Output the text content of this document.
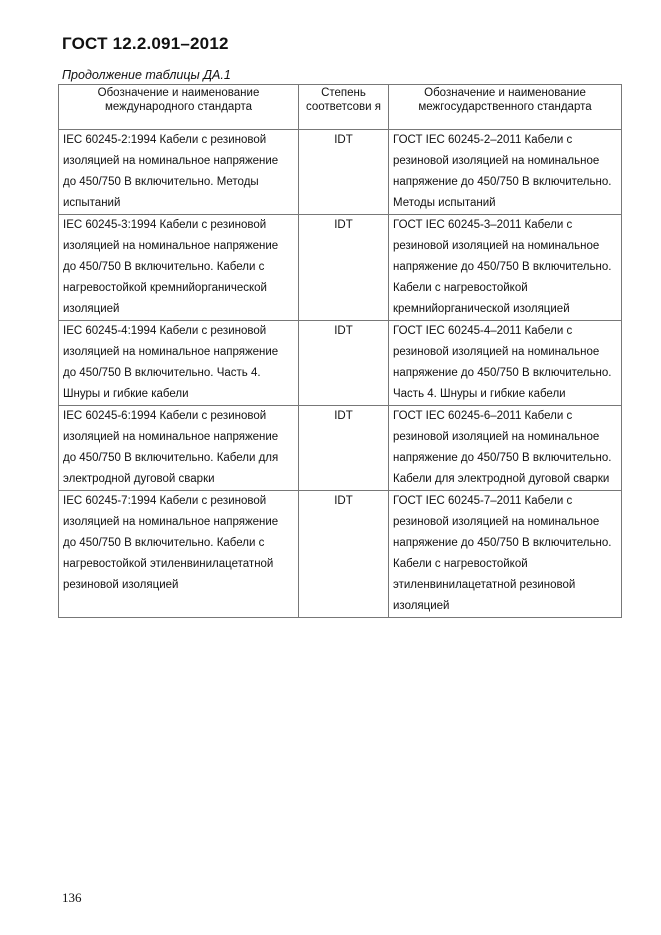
ГОСТ 12.2.091–2012
Продолжение таблицы ДА.1
Обозначение и наименование международного стандарта	Степень соответсови я	Обозначение и наименование межгосударственного стандарта
IEC 60245-2:1994 Кабели с резиновой изоляцией на номинальное напряжение до 450/750 В включительно. Методы испытаний	IDT	ГОСТ IEC 60245-2–2011 Кабели с резиновой изоляцией на номинальное напряжение до 450/750 В включительно. Методы испытаний
IEC 60245-3:1994 Кабели с резиновой изоляцией на номинальное напряжение до 450/750 В включительно. Кабели с нагревостойкой кремнийорганической изоляцией	IDT	ГОСТ IEC 60245-3–2011 Кабели с резиновой изоляцией на номинальное напряжение до 450/750 В включительно. Кабели с нагревостойкой кремнийорганической изоляцией
IEC 60245-4:1994 Кабели с резиновой изоляцией на номинальное напряжение до 450/750 В включительно. Часть 4. Шнуры и гибкие кабели	IDT	ГОСТ IEC 60245-4–2011 Кабели с резиновой изоляцией на номинальное напряжение до 450/750 В включительно. Часть 4. Шнуры и гибкие кабели
IEC 60245-6:1994 Кабели с резиновой изоляцией на номинальное напряжение до 450/750 В включительно. Кабели для электродной дуговой сварки	IDT	ГОСТ IEC 60245-6–2011 Кабели с резиновой изоляцией на номинальное напряжение до 450/750 В включительно. Кабели для электродной дуговой сварки
IEC 60245-7:1994 Кабели с резиновой изоляцией на номинальное напряжение до 450/750 В включительно. Кабели с нагревостойкой этиленвинилацетатной резиновой изоляцией	IDT	ГОСТ IEC 60245-7–2011 Кабели с резиновой изоляцией на номинальное напряжение до 450/750 В включительно. Кабели с нагревостойкой этиленвинилацетатной резиновой изоляцией
136
